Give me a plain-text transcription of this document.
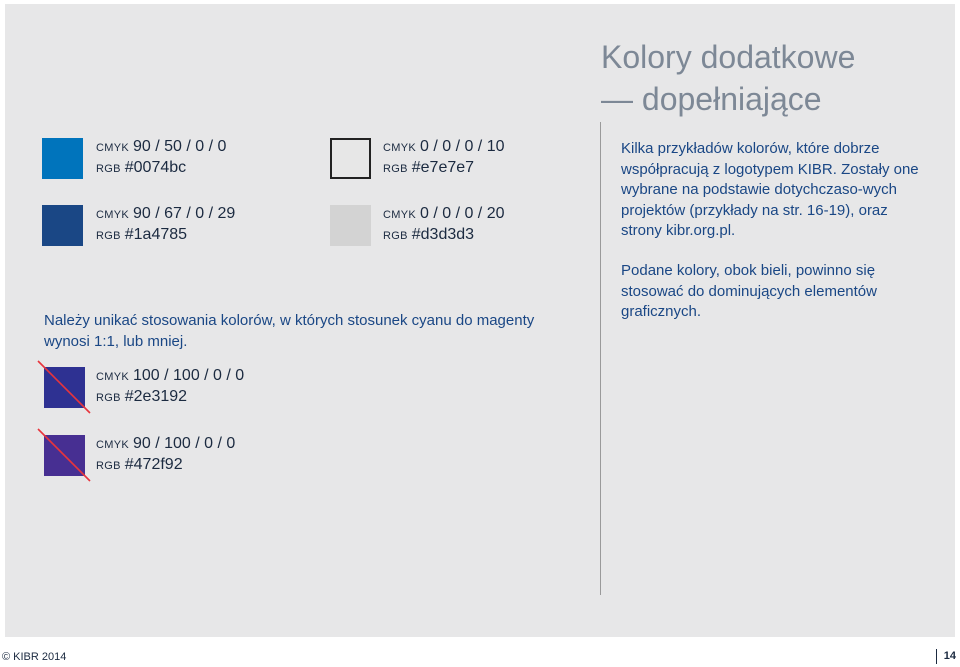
CMYK 90 / 50 / 0 / 0
RGB #0074bc
CMYK 90 / 67 / 0 / 29
RGB #1a4785
CMYK 0 / 0 / 0 / 10
RGB #e7e7e7
CMYK 0 / 0 / 0 / 20
RGB #d3d3d3
Należy unikać stosowania kolorów, w których stosunek cyanu do magenty wynosi 1:1, lub mniej.
CMYK 100 / 100 / 0 / 0
RGB #2e3192
CMYK 90 / 100 / 0 / 0
RGB #472f92
Kolory dodatkowe
— dopełniające
Kilka przykładów kolorów, które dobrze współpracują z logotypem KIBR. Zostały one wybrane na podstawie dotychczaso-wych projektów (przykłady na str. 16-19), oraz strony kibr.org.pl.
Podane kolory, obok bieli, powinno się stosować do dominujących elementów graficznych.
© KIBR 2014	14
